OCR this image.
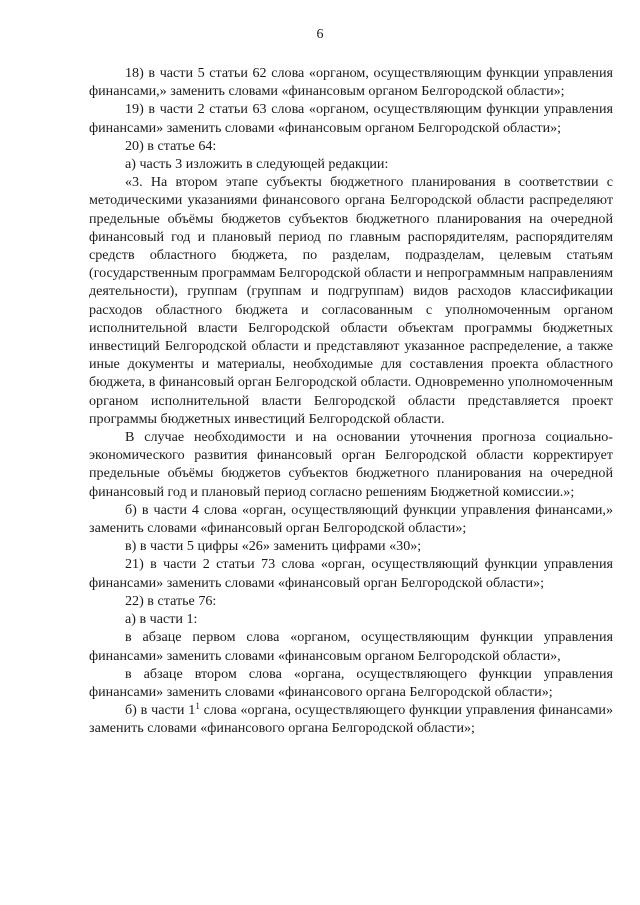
6

18) в части 5 статьи 62 слова «органом, осуществляющим функции управления финансами,» заменить словами «финансовым органом Белгородской области»;

19) в части 2 статьи 63 слова «органом, осуществляющим функции управления финансами» заменить словами «финансовым органом Белгородской области»;

20) в статье 64:

а) часть 3 изложить в следующей редакции:

«3. На втором этапе субъекты бюджетного планирования в соответствии с методическими указаниями финансового органа Белгородской области распределяют предельные объёмы бюджетов субъектов бюджетного планирования на очередной финансовый год и плановый период по главным распорядителям, распорядителям средств областного бюджета, по разделам, подразделам, целевым статьям (государственным программам Белгородской области и непрограммным направлениям деятельности), группам (группам и подгруппам) видов расходов классификации расходов областного бюджета и согласованным с уполномоченным органом исполнительной власти Белгородской области объектам программы бюджетных инвестиций Белгородской области и представляют указанное распределение, а также иные документы и материалы, необходимые для составления проекта областного бюджета, в финансовый орган Белгородской области. Одновременно уполномоченным органом исполнительной власти Белгородской области представляется проект программы бюджетных инвестиций Белгородской области.

В случае необходимости и на основании уточнения прогноза социально-экономического развития финансовый орган Белгородской области корректирует предельные объёмы бюджетов субъектов бюджетного планирования на очередной финансовый год и плановый период согласно решениям Бюджетной комиссии.»;

б) в части 4 слова «орган, осуществляющий функции управления финансами,» заменить словами «финансовый орган Белгородской области»;

в) в части 5 цифры «26» заменить цифрами «30»;

21) в части 2 статьи 73 слова «орган, осуществляющий функции управления финансами» заменить словами «финансовый орган Белгородской области»;

22) в статье 76:

а) в части 1:

в абзаце первом слова «органом, осуществляющим функции управления финансами» заменить словами «финансовым органом Белгородской области»,

в абзаце втором слова «органа, осуществляющего функции управления финансами» заменить словами «финансового органа Белгородской области»;

б) в части $1^1$ слова «органа, осуществляющего функции управления финансами» заменить словами «финансового органа Белгородской области»;
